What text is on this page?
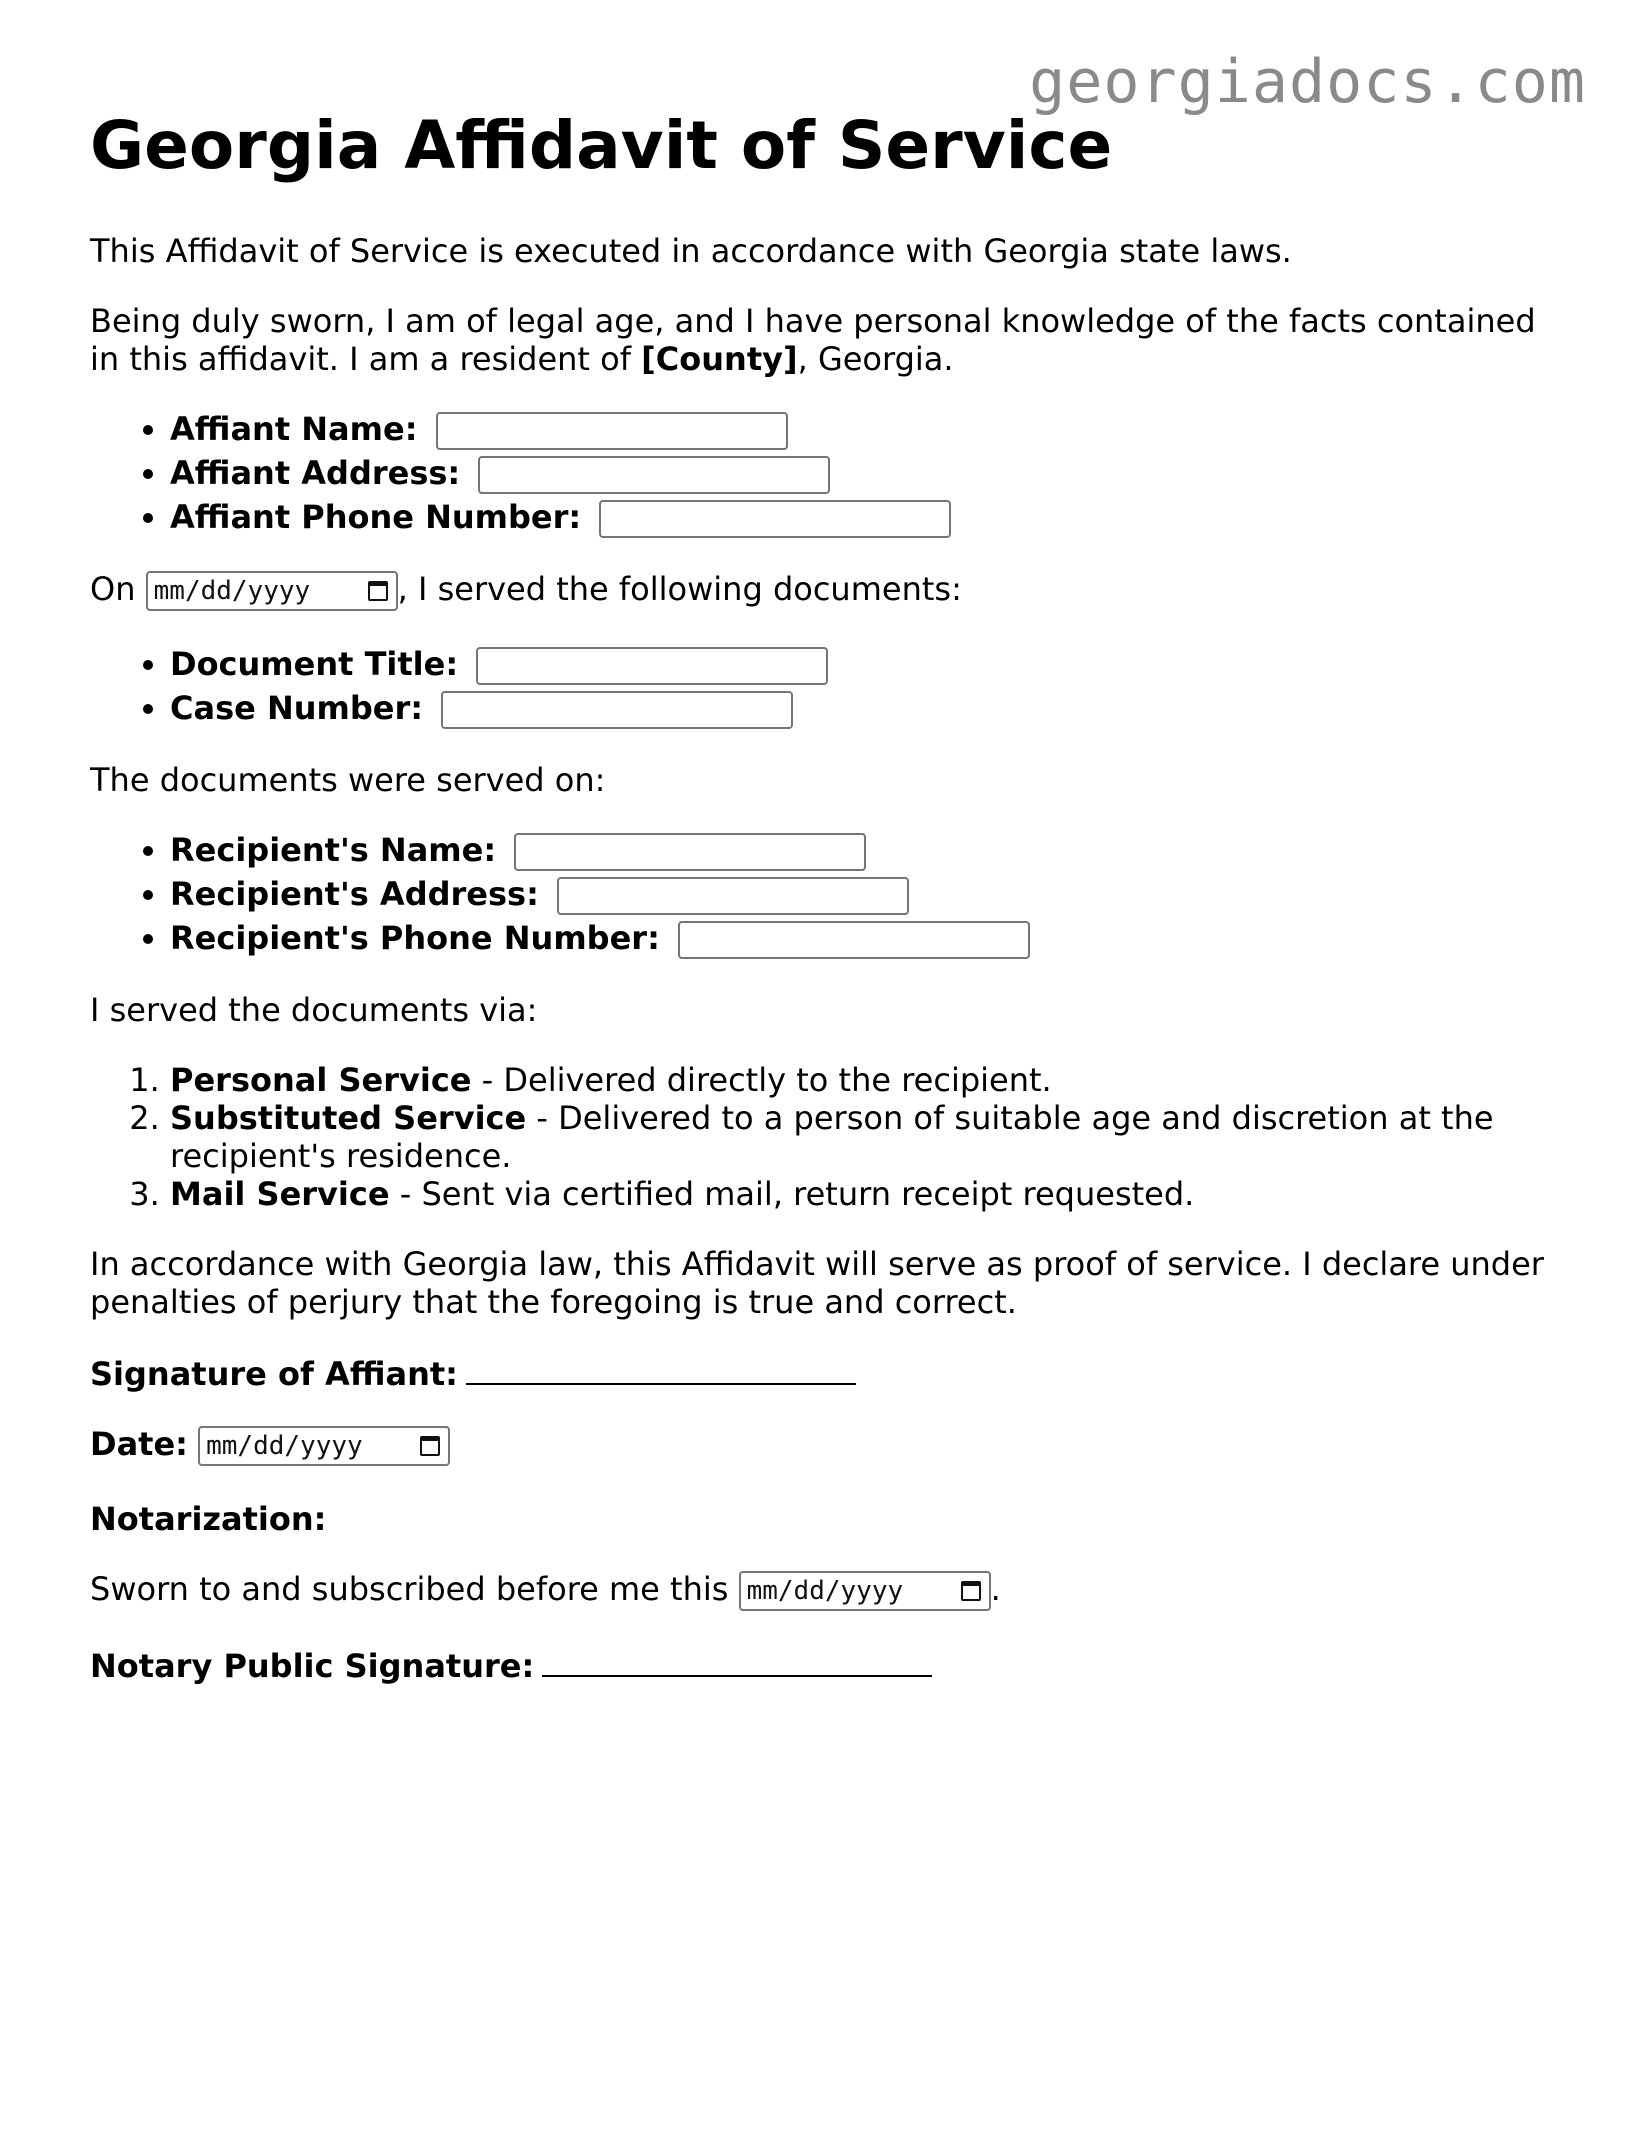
georgiadocs.com
Georgia Affidavit of Service

This Affidavit of Service is executed in accordance with Georgia state laws.

Being duly sworn, I am of legal age, and I have personal knowledge of the facts contained in this affidavit. I am a resident of [County], Georgia.

• Affiant Name:
• Affiant Address:
• Affiant Phone Number:

On mm/dd/yyyy	, I served the following documents:

• Document Title:
• Case Number:

The documents were served on:

• Recipient's Name:
• Recipient's Address:
• Recipient's Phone Number:

I served the documents via:

1. Personal Service - Delivered directly to the recipient.
2. Substituted Service - Delivered to a person of suitable age and discretion at the recipient's residence.
3. Mail Service - Sent via certified mail, return receipt requested.

In accordance with Georgia law, this Affidavit will serve as proof of service. I declare under penalties of perjury that the foregoing is true and correct.

Signature of Affiant:

Date: mm/dd/yyyy

Notarization:

Sworn to and subscribed before me this mm/dd/yyyy	.

Notary Public Signature:
